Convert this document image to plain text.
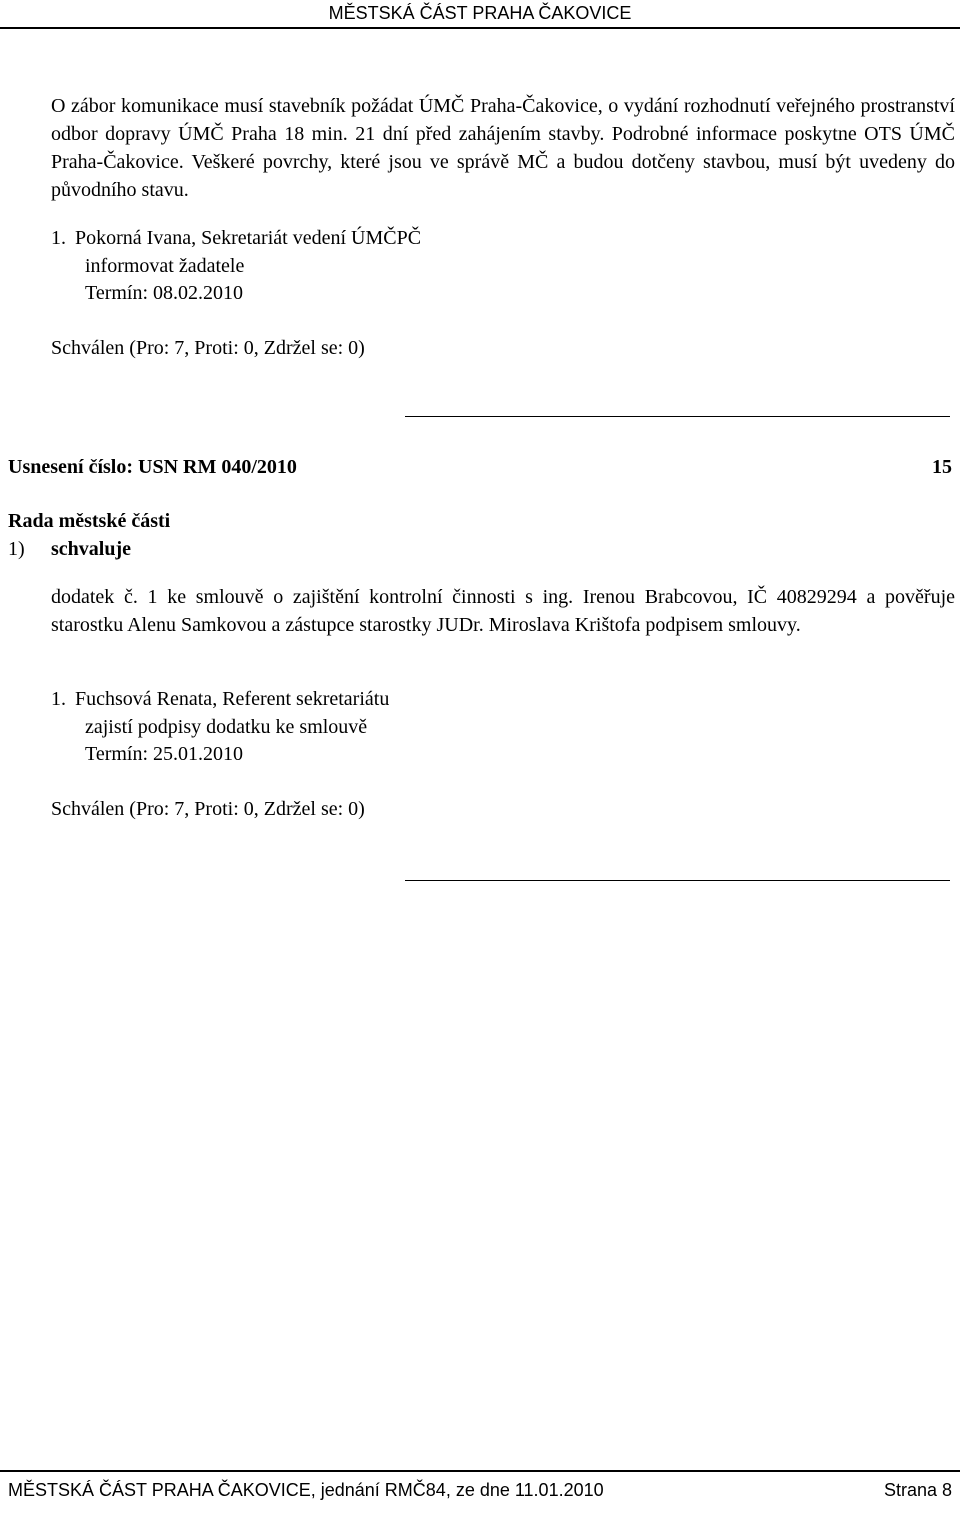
MĚSTSKÁ ČÁST PRAHA ČAKOVICE
O zábor komunikace musí stavebník požádat ÚMČ Praha-Čakovice, o vydání rozhodnutí veřejného prostranství odbor dopravy ÚMČ Praha 18 min. 21 dní před zahájením stavby. Podrobné informace poskytne OTS ÚMČ Praha-Čakovice. Veškeré povrchy, které jsou ve správě MČ a budou dotčeny stavbou, musí být uvedeny do původního stavu.
1. Pokorná Ivana, Sekretariát vedení ÚMČPČ
informovat žadatele
Termín: 08.02.2010
Schválen (Pro: 7, Proti: 0, Zdržel se: 0)
Usnesení číslo: USN RM 040/2010	15
Rada městské části
1) schvaluje
dodatek č. 1 ke smlouvě o zajištění kontrolní činnosti s ing. Irenou Brabcovou, IČ 40829294 a pověřuje starostku Alenu Samkovou a zástupce starostky JUDr. Miroslava Krištofa podpisem smlouvy.
1. Fuchsová Renata, Referent sekretariátu
zajistí podpisy dodatku ke smlouvě
Termín: 25.01.2010
Schválen (Pro: 7, Proti: 0, Zdržel se: 0)
MĚSTSKÁ ČÁST PRAHA ČAKOVICE, jednání RMČ84, ze dne 11.01.2010	Strana 8
